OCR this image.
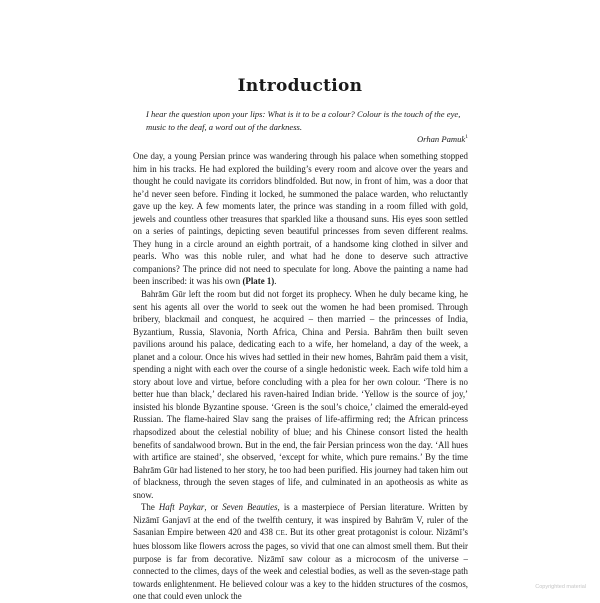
Introduction

I hear the question upon your lips: What is it to be a colour? Colour is the touch of the eye, music to the deaf, a word out of the darkness.

Orhan Pamuk$^1$

One day, a young Persian prince was wandering through his palace when something stopped him in his tracks. He had explored the building’s every room and alcove over the years and thought he could navigate its corridors blindfolded. But now, in front of him, was a door that he’d never seen before. Finding it locked, he summoned the palace warden, who reluctantly gave up the key. A few moments later, the prince was standing in a room filled with gold, jewels and countless other treasures that sparkled like a thousand suns. His eyes soon settled on a series of paintings, depicting seven beautiful princesses from seven different realms. They hung in a circle around an eighth portrait, of a handsome king clothed in silver and pearls. Who was this noble ruler, and what had he done to deserve such attractive companions? The prince did not need to speculate for long. Above the painting a name had been inscribed: it was his own (Plate 1).

Bahrām Gūr left the room but did not forget its prophecy. When he duly became king, he sent his agents all over the world to seek out the women he had been promised. Through bribery, blackmail and conquest, he acquired – then married – the princesses of India, Byzantium, Russia, Slavonia, North Africa, China and Persia. Bahrām then built seven pavilions around his palace, dedicating each to a wife, her homeland, a day of the week, a planet and a colour. Once his wives had settled in their new homes, Bahrām paid them a visit, spending a night with each over the course of a single hedonistic week. Each wife told him a story about love and virtue, before concluding with a plea for her own colour. ‘There is no better hue than black,’ declared his raven-haired Indian bride. ‘Yellow is the source of joy,’ insisted his blonde Byzantine spouse. ‘Green is the soul’s choice,’ claimed the emerald-eyed Russian. The flame-haired Slav sang the praises of life-affirming red; the African princess rhapsodized about the celestial nobility of blue; and his Chinese consort listed the health benefits of sandalwood brown. But in the end, the fair Persian princess won the day. ‘All hues with artifice are stained’, she observed, ‘except for white, which pure remains.’ By the time Bahrām Gūr had listened to her story, he too had been purified. His journey had taken him out of blackness, through the seven stages of life, and culminated in an apotheosis as white as snow.

The Haft Paykar, or Seven Beauties, is a masterpiece of Persian literature. Written by Nizāmī Ganjavī at the end of the twelfth century, it was inspired by Bahrām V, ruler of the Sasanian Empire between 420 and 438 CE. But its other great protagonist is colour. Nizāmī’s hues blossom like flowers across the pages, so vivid that one can almost smell them. But their purpose is far from decorative. Nizāmī saw colour as a microcosm of the universe – connected to the climes, days of the week and celestial bodies, as well as the seven-stage path towards enlightenment. He believed colour was a key to the hidden structures of the cosmos, one that could even unlock the

Copyrighted material
